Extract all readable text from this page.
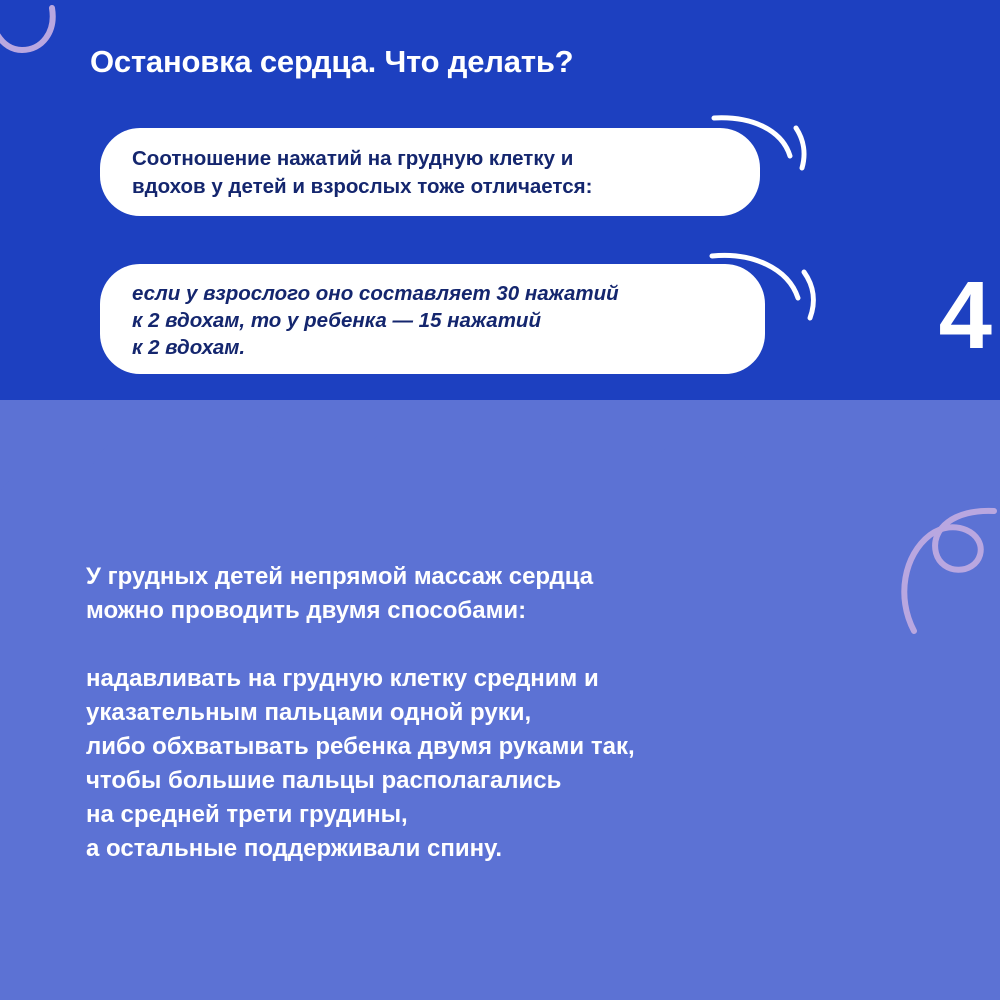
Остановка сердца. Что делать?
4
Соотношение нажатий на грудную клетку и
вдохов у детей и взрослых тоже отличается:
если у взрослого оно составляет 30 нажатий
к 2 вдохам, то у ребенка — 15 нажатий
к 2 вдохам.
У грудных детей непрямой массаж сердца
можно проводить двумя способами:
надавливать на грудную клетку средним и
указательным пальцами одной руки,
либо обхватывать ребенка двумя руками так,
чтобы большие пальцы располагались
на средней трети грудины,
а остальные поддерживали спину.
